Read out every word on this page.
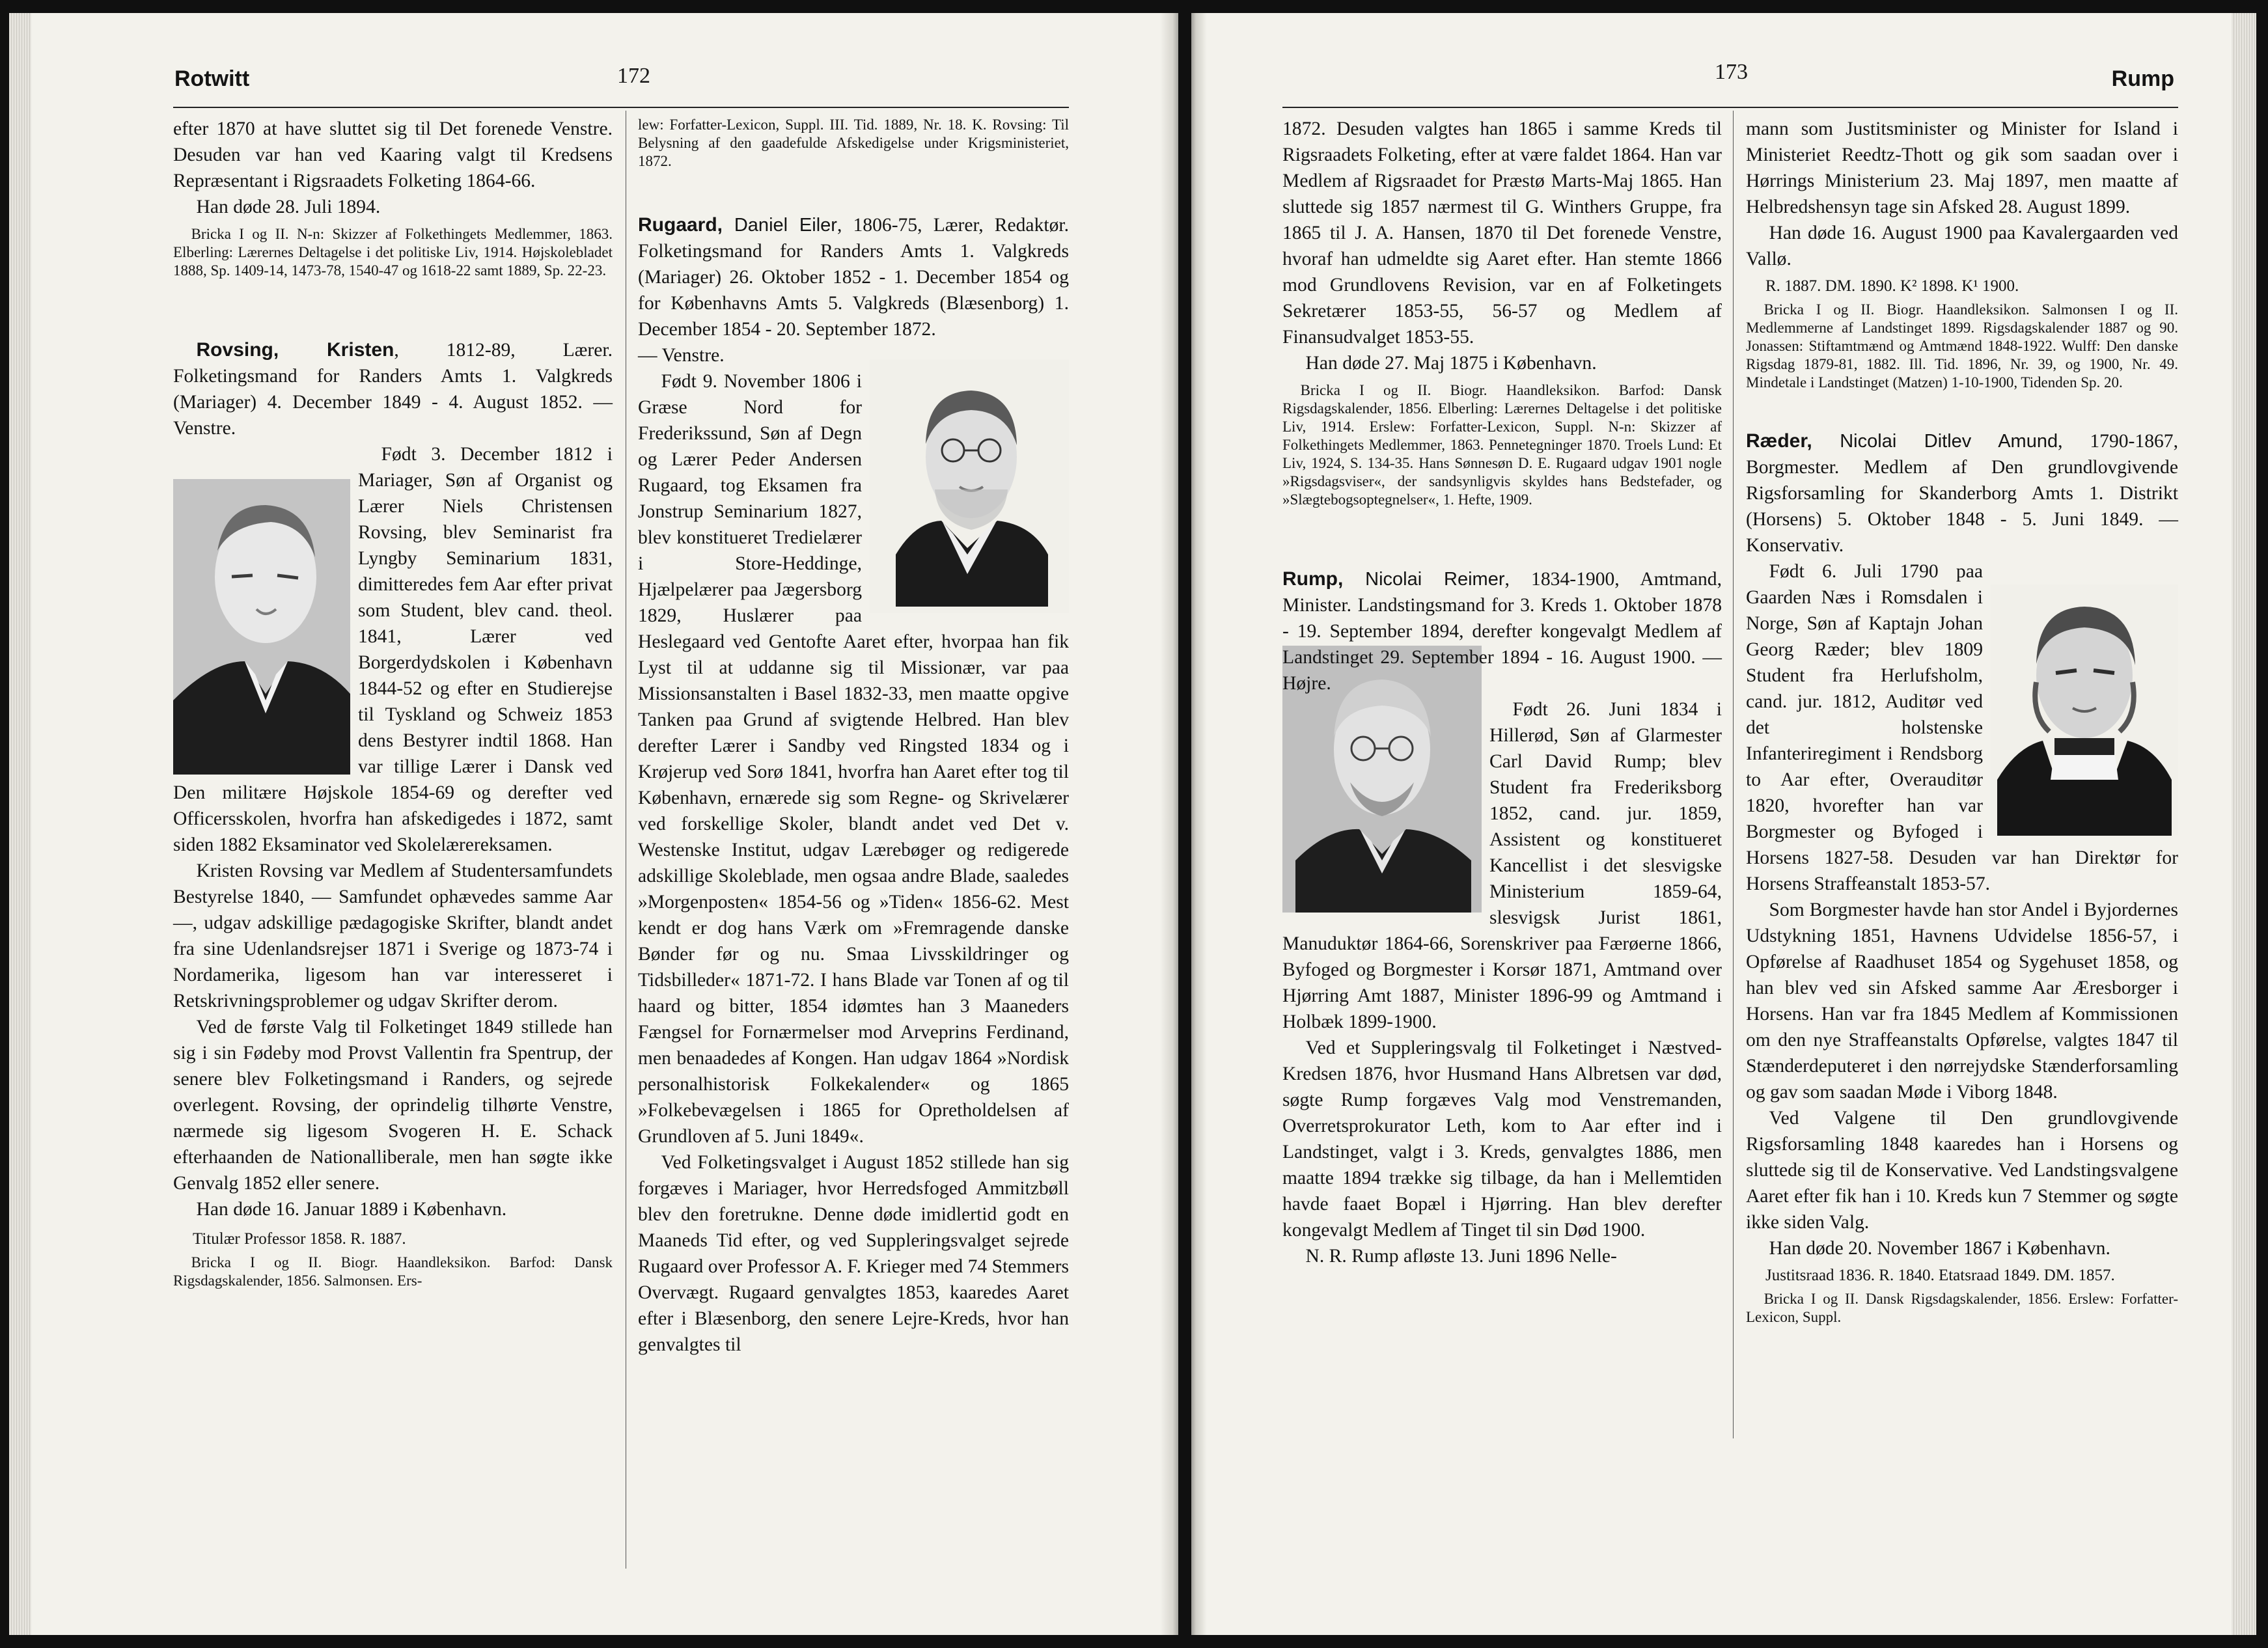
Rotwitt	172

efter 1870 at have sluttet sig til Det forenede Venstre. Desuden var han ved Kaaring valgt til Kredsens Repræsentant i Rigsraadets Folketing 1864-66.

Han døde 28. Juli 1894.

Bricka I og II. N-n: Skizzer af Folkethingets Medlemmer, 1863. Elberling: Lærernes Deltagelse i det politiske Liv, 1914. Højskolebladet 1888, Sp. 1409-14, 1473-78, 1540-47 og 1618-22 samt 1889, Sp. 22-23.

Rovsing, Kristen, 1812-89, Lærer. Folketingsmand for Randers Amts 1. Valgkreds (Mariager) 4. December 1849 - 4. August 1852. — Venstre.

Født 3. December 1812 i Mariager, Søn af Organist og Lærer Niels Christensen Rovsing, blev Seminarist fra Lyngby Seminarium 1831, dimitteredes fem Aar efter privat som Student, blev cand. theol. 1841, Lærer ved Borgerdydskolen i København 1844-52 og efter en Studierejse til Tyskland og Schweiz 1853 dens Bestyrer indtil 1868. Han var tillige Lærer i Dansk ved Den militære Højskole 1854-69 og derefter ved Officersskolen, hvorfra han afskedigedes i 1872, samt siden 1882 Eksaminator ved Skolelærereksamen.

Kristen Rovsing var Medlem af Studentersamfundets Bestyrelse 1840, — Samfundet ophævedes samme Aar —, udgav adskillige pædagogiske Skrifter, blandt andet fra sine Udenlandsrejser 1871 i Sverige og 1873-74 i Nordamerika, ligesom han var interesseret i Retskrivningsproblemer og udgav Skrifter derom.

Ved de første Valg til Folketinget 1849 stillede han sig i sin Fødeby mod Provst Vallentin fra Spentrup, der senere blev Folketingsmand i Randers, og sejrede overlegent. Rovsing, der oprindelig tilhørte Venstre, nærmede sig ligesom Svogeren H. E. Schack efterhaanden de Nationalliberale, men han søgte ikke Genvalg 1852 eller senere.

Han døde 16. Januar 1889 i København.

Titulær Professor 1858. R. 1887.

Bricka I og II. Biogr. Haandleksikon. Barfod: Dansk Rigsdagskalender, 1856. Salmonsen. Ers-

lew: Forfatter-Lexicon, Suppl. III. Tid. 1889, Nr. 18. K. Rovsing: Til Belysning af den gaadefulde Afskedigelse under Krigsministeriet, 1872.

Rugaard, Daniel Eiler, 1806-75, Lærer, Redaktør. Folketingsmand for Randers Amts 1. Valgkreds (Mariager) 26. Oktober 1852 - 1. December 1854 og for Københavns Amts 5. Valgkreds (Blæsenborg) 1. December 1854 - 20. September 1872.

— Venstre.

Født 9. November 1806 i Græse Nord for Frederikssund, Søn af Degn og Lærer Peder Andersen Rugaard, tog Eksamen fra Jonstrup Seminarium 1827, blev konstitueret Tredielærer i Store-Heddinge, Hjælpelærer paa Jægersborg 1829, Huslærer paa Heslegaard ved Gentofte Aaret efter, hvorpaa han fik Lyst til at uddanne sig til Missionær, var paa Missionsanstalten i Basel 1832-33, men maatte opgive Tanken paa Grund af svigtende Helbred. Han blev derefter Lærer i Sandby ved Ringsted 1834 og i Krøjerup ved Sorø 1841, hvorfra han Aaret efter tog til København, ernærede sig som Regne- og Skrivelærer ved forskellige Skoler, blandt andet ved Det v. Westenske Institut, udgav Lærebøger og redigerede adskillige Skoleblade, men ogsaa andre Blade, saaledes »Morgenposten« 1854-56 og »Tiden« 1856-62. Mest kendt er dog hans Værk om »Fremragende danske Bønder før og nu. Smaa Livsskildringer og Tidsbilleder« 1871-72. I hans Blade var Tonen af og til haard og bitter, 1854 idømtes han 3 Maaneders Fængsel for Fornærmelser mod Arveprins Ferdinand, men benaadedes af Kongen. Han udgav 1864 »Nordisk personalhistorisk Folkekalender« og 1865 »Folkebevægelsen i 1865 for Opretholdelsen af Grundloven af 5. Juni 1849«.

Ved Folketingsvalget i August 1852 stillede han sig forgæves i Mariager, hvor Herredsfoged Ammitzbøll blev den foretrukne. Denne døde imidlertid godt en Maaneds Tid efter, og ved Suppleringsvalget sejrede Rugaard over Professor A. F. Krieger med 74 Stemmers Overvægt. Rugaard genvalgtes 1853, kaaredes Aaret efter i Blæsenborg, den senere Lejre-Kreds, hvor han genvalgtes til

173	Rump

1872. Desuden valgtes han 1865 i samme Kreds til Rigsraadets Folketing, efter at være faldet 1864. Han var Medlem af Rigsraadet for Præstø Marts-Maj 1865. Han sluttede sig 1857 nærmest til G. Winthers Gruppe, fra 1865 til J. A. Hansen, 1870 til Det forenede Venstre, hvoraf han udmeldte sig Aaret efter. Han stemte 1866 mod Grundlovens Revision, var en af Folketingets Sekretærer 1853-55, 56-57 og Medlem af Finansudvalget 1853-55.

Han døde 27. Maj 1875 i København.

Bricka I og II. Biogr. Haandleksikon. Barfod: Dansk Rigsdagskalender, 1856. Elberling: Lærernes Deltagelse i det politiske Liv, 1914. Erslew: Forfatter-Lexicon, Suppl. N-n: Skizzer af Folkethingets Medlemmer, 1863. Pennetegninger 1870. Troels Lund: Et Liv, 1924, S. 134-35. Hans Sønnesøn D. E. Rugaard udgav 1901 nogle »Rigsdagsviser«, der sandsynligvis skyldes hans Bedstefader, og »Slægtebogsoptegnelser«, 1. Hefte, 1909.

Rump, Nicolai Reimer, 1834-1900, Amtmand, Minister. Landstingsmand for 3. Kreds 1. Oktober 1878 - 19. September 1894, derefter kongevalgt Medlem af Landstinget 29. September 1894 - 16. August 1900. — Højre.

Født 26. Juni 1834 i Hillerød, Søn af Glarmester Carl David Rump; blev Student fra Frederiksborg 1852, cand. jur. 1859, Assistent og konstitueret Kancellist i det slesvigske Ministerium 1859-64, slesvigsk Jurist 1861, Manuduktør 1864-66, Sorenskriver paa Færøerne 1866, Byfoged og Borgmester i Korsør 1871, Amtmand over Hjørring Amt 1887, Minister 1896-99 og Amtmand i Holbæk 1899-1900.

Ved et Suppleringsvalg til Folketinget i Næstved-Kredsen 1876, hvor Husmand Hans Albretsen var død, søgte Rump forgæves Valg mod Venstremanden, Overretsprokurator Leth, kom to Aar efter ind i Landstinget, valgt i 3. Kreds, genvalgtes 1886, men maatte 1894 trække sig tilbage, da han i Mellemtiden havde faaet Bopæl i Hjørring. Han blev derefter kongevalgt Medlem af Tinget til sin Død 1900.

N. R. Rump afløste 13. Juni 1896 Nelle-

mann som Justitsminister og Minister for Island i Ministeriet Reedtz-Thott og gik som saadan over i Hørrings Ministerium 23. Maj 1897, men maatte af Helbredshensyn tage sin Afsked 28. August 1899.

Han døde 16. August 1900 paa Kavalergaarden ved Vallø.

R. 1887. DM. 1890. K² 1898. K¹ 1900.

Bricka I og II. Biogr. Haandleksikon. Salmonsen I og II. Medlemmerne af Landstinget 1899. Rigsdagskalender 1887 og 90. Jonassen: Stiftamtmænd og Amtmænd 1848-1922. Wulff: Den danske Rigsdag 1879-81, 1882. Ill. Tid. 1896, Nr. 39, og 1900, Nr. 49. Mindetale i Landstinget (Matzen) 1-10-1900, Tidenden Sp. 20.

Ræder, Nicolai Ditlev Amund, 1790-1867, Borgmester. Medlem af Den grundlovgivende Rigsforsamling for Skanderborg Amts 1. Distrikt (Horsens) 5. Oktober 1848 - 5. Juni 1849. — Konservativ.

Født 6. Juli 1790 paa Gaarden Næs i Romsdalen i Norge, Søn af Kaptajn Johan Georg Ræder; blev 1809 Student fra Herlufsholm, cand. jur. 1812, Auditør ved det holstenske Infanteriregiment i Rendsborg to Aar efter, Overauditør 1820, hvorefter han var Borgmester og Byfoged i Horsens 1827-58. Desuden var han Direktør for Horsens Straffeanstalt 1853-57.

Som Borgmester havde han stor Andel i Byjordernes Udstykning 1851, Havnens Udvidelse 1856-57, i Opførelse af Raadhuset 1854 og Sygehuset 1858, og han blev ved sin Afsked samme Aar Æresborger i Horsens. Han var fra 1845 Medlem af Kommissionen om den nye Straffeanstalts Opførelse, valgtes 1847 til Stænderdeputeret i den nørrejydske Stænderforsamling og gav som saadan Møde i Viborg 1848.

Ved Valgene til Den grundlovgivende Rigsforsamling 1848 kaaredes han i Horsens og sluttede sig til de Konservative. Ved Landstingsvalgene Aaret efter fik han i 10. Kreds kun 7 Stemmer og søgte ikke siden Valg.

Han døde 20. November 1867 i København.

Justitsraad 1836. R. 1840. Etatsraad 1849. DM. 1857.

Bricka I og II. Dansk Rigsdagskalender, 1856. Erslew: Forfatter-Lexicon, Suppl.
